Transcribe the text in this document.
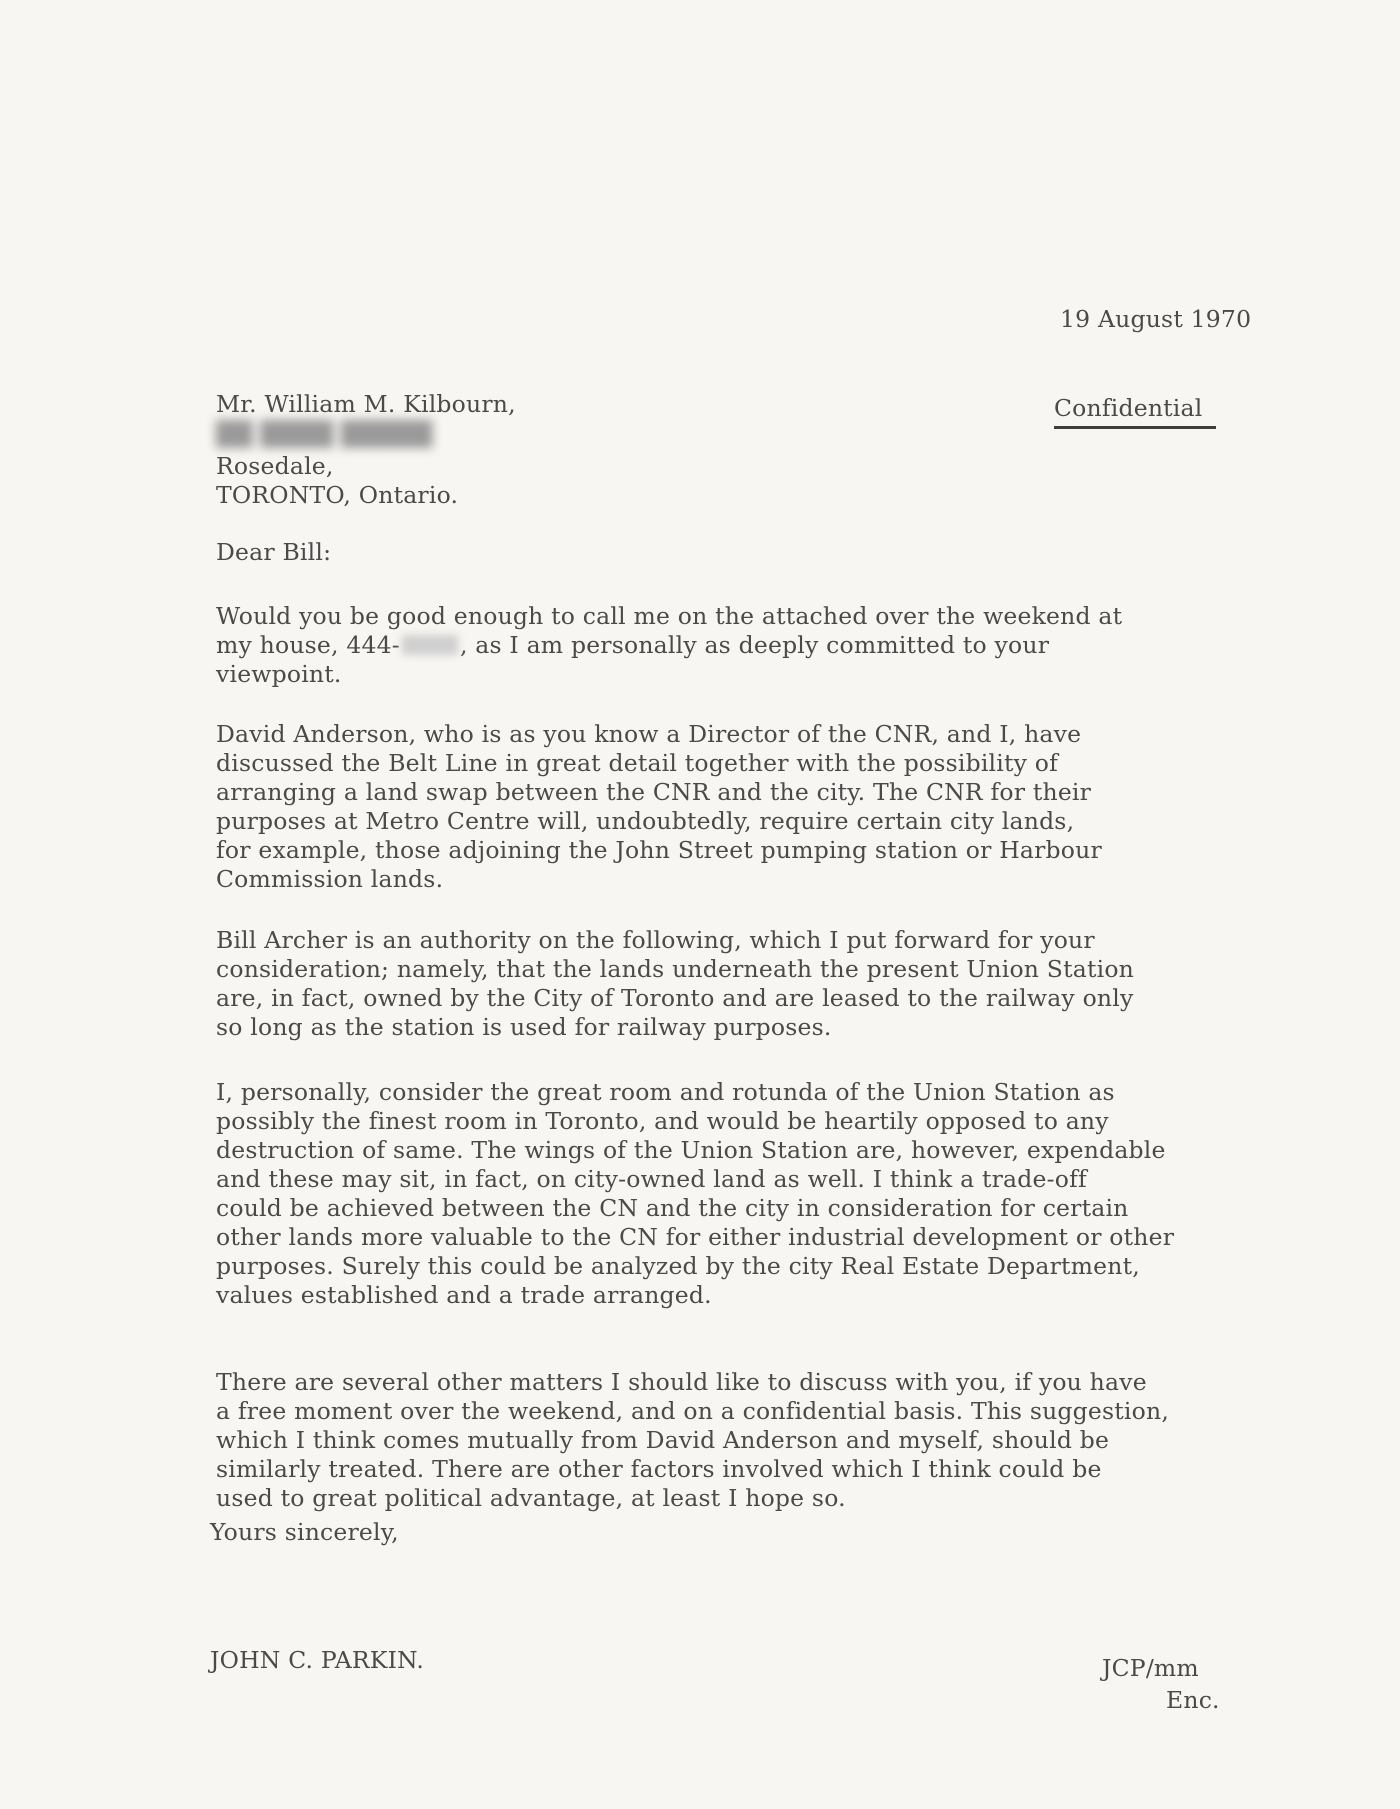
19 August 1970
Confidential
Mr. William M. Kilbourn,
██ ████ █████
Rosedale,
TORONTO, Ontario.
Dear Bill:
Would you be good enough to call me on the attached over the weekend at
my house, 444-	, as I am personally as deeply committed to your
viewpoint.
David Anderson, who is as you know a Director of the CNR, and I, have
discussed the Belt Line in great detail together with the possibility of
arranging a land swap between the CNR and the city. The CNR for their
purposes at Metro Centre will, undoubtedly, require certain city lands,
for example, those adjoining the John Street pumping station or Harbour
Commission lands.
Bill Archer is an authority on the following, which I put forward for your
consideration; namely, that the lands underneath the present Union Station
are, in fact, owned by the City of Toronto and are leased to the railway only
so long as the station is used for railway purposes.
I, personally, consider the great room and rotunda of the Union Station as
possibly the finest room in Toronto, and would be heartily opposed to any
destruction of same. The wings of the Union Station are, however, expendable
and these may sit, in fact, on city-owned land as well. I think a trade-off
could be achieved between the CN and the city in consideration for certain
other lands more valuable to the CN for either industrial development or other
purposes. Surely this could be analyzed by the city Real Estate Department,
values established and a trade arranged.
There are several other matters I should like to discuss with you, if you have
a free moment over the weekend, and on a confidential basis. This suggestion,
which I think comes mutually from David Anderson and myself, should be
similarly treated. There are other factors involved which I think could be
used to great political advantage, at least I hope so.
Yours sincerely,
JOHN C. PARKIN.	JCP/mm
Enc.
